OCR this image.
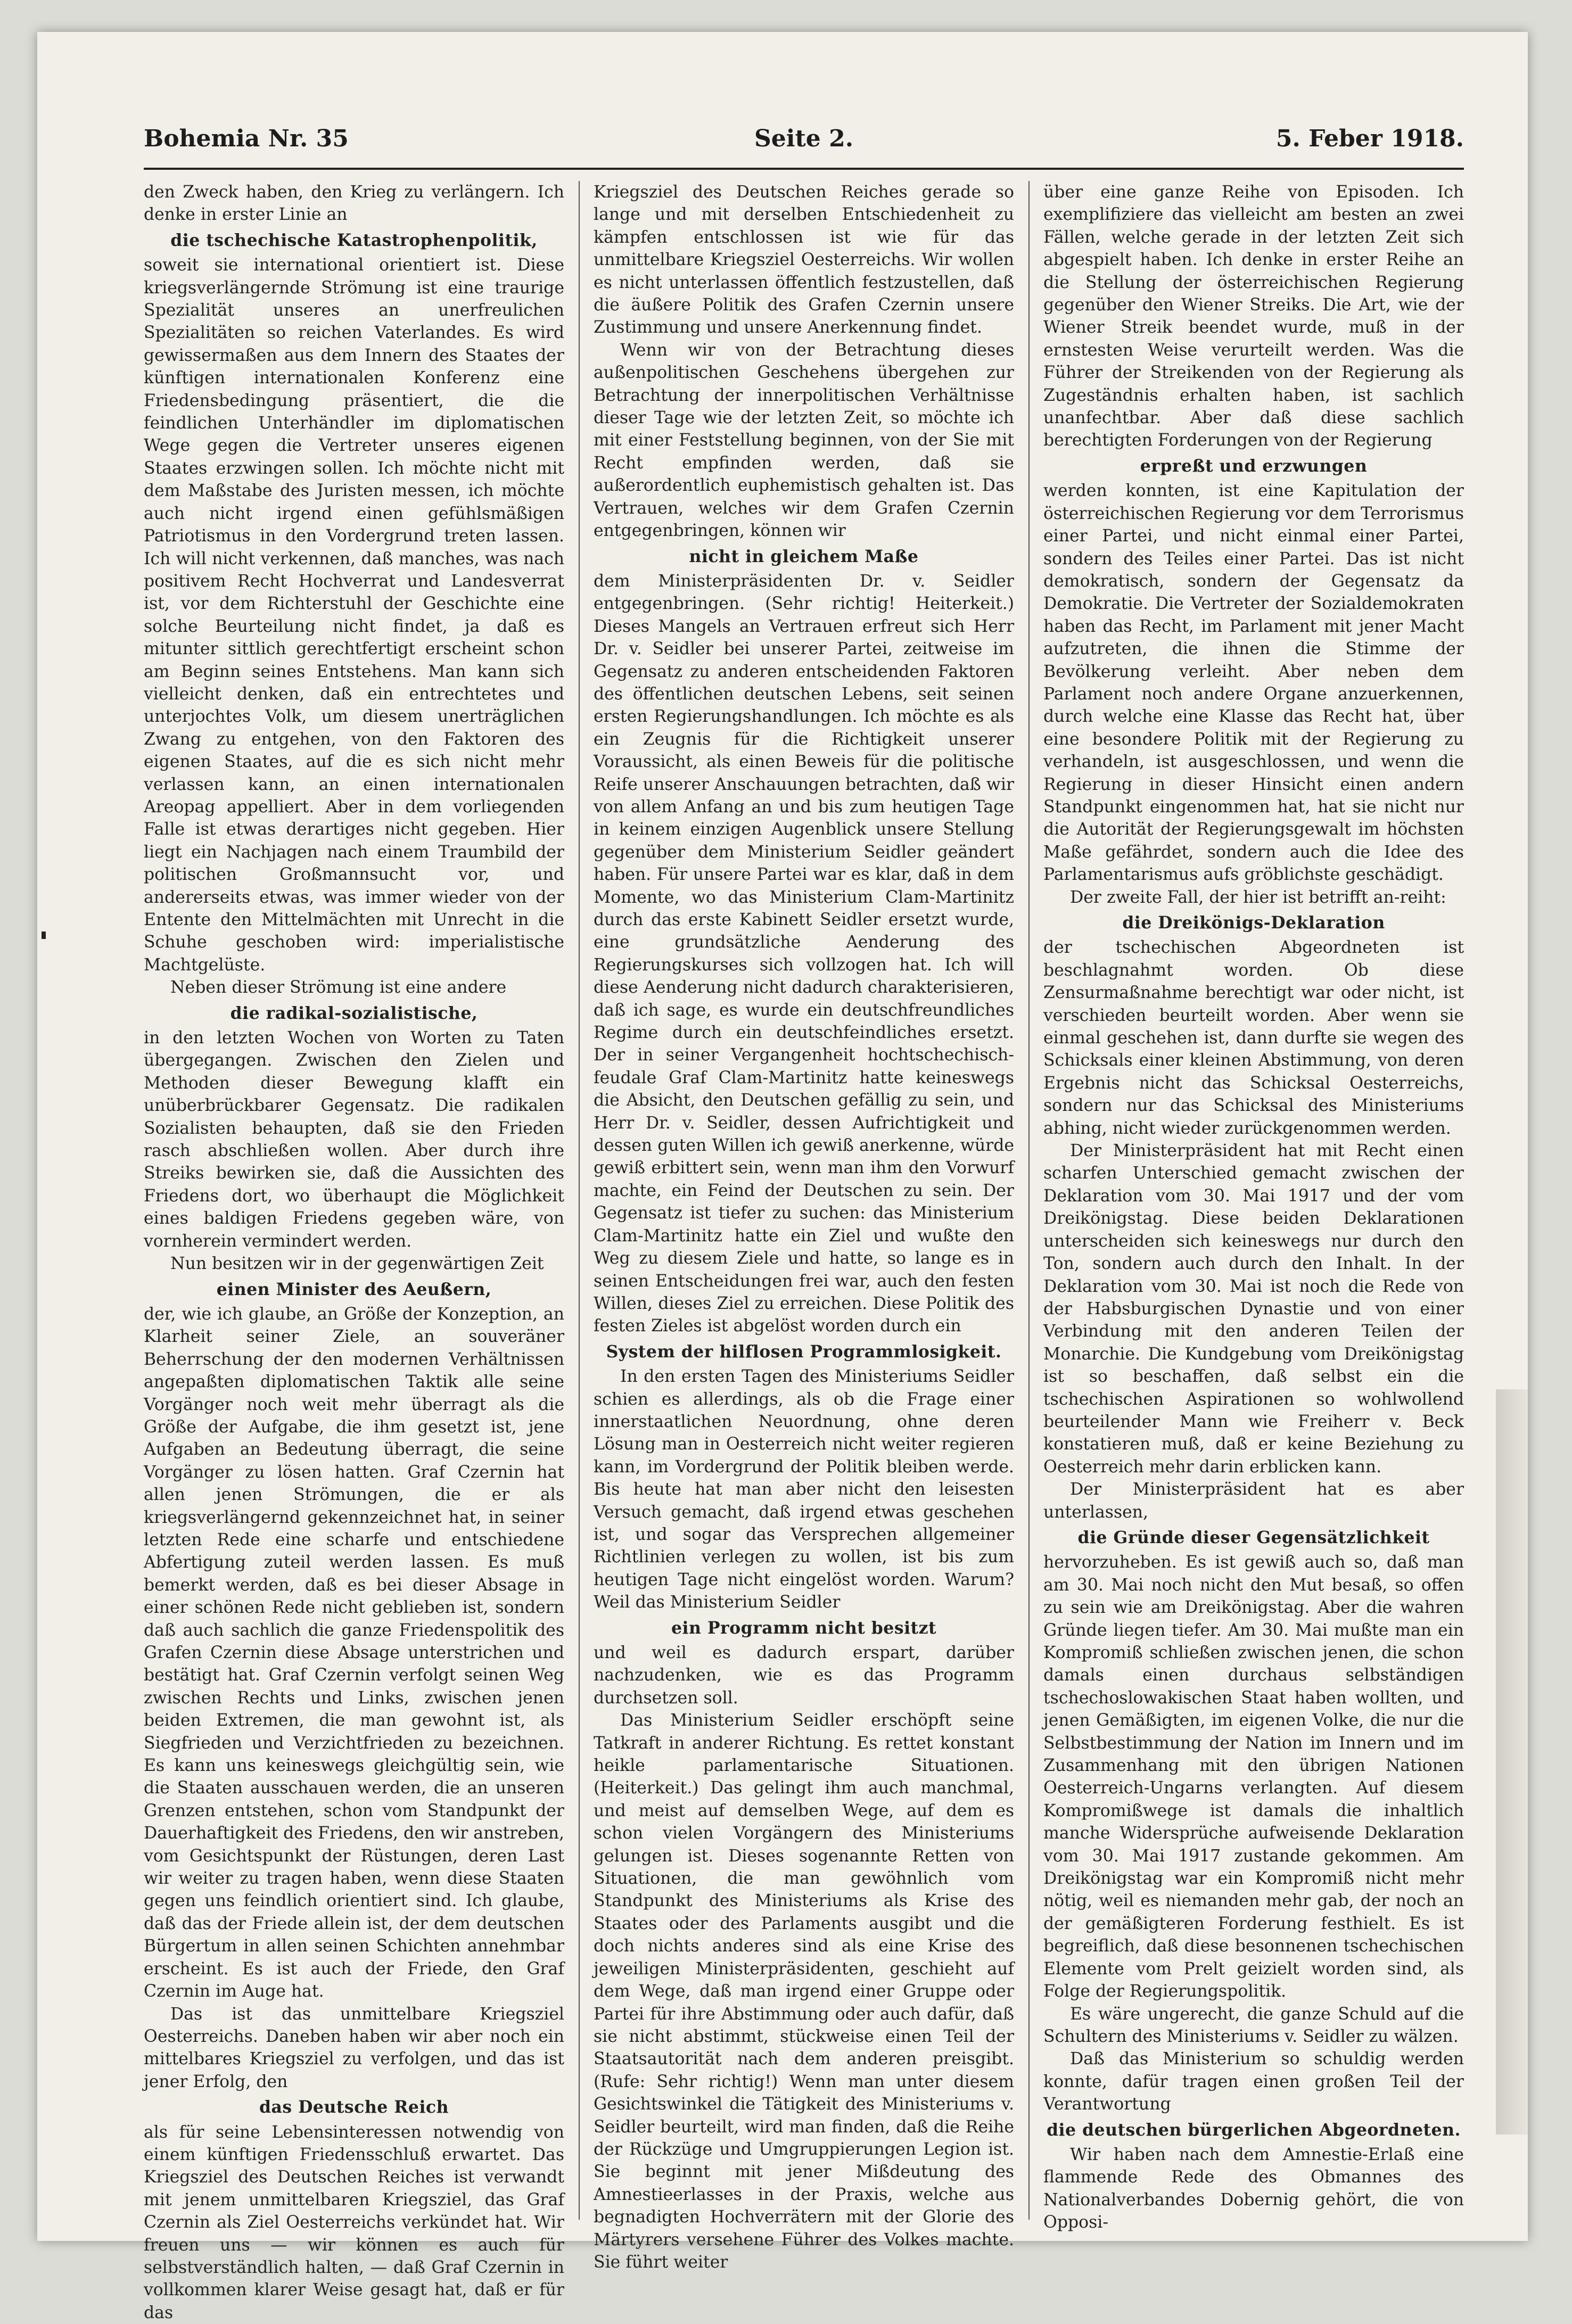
Bohemia Nr. 35	Seite 2.	5. Feber 1918.

den Zweck haben, den Krieg zu verlängern. Ich denke in erster Linie an

die tschechische Katastrophenpolitik,

soweit sie international orientiert ist. Diese kriegsverlängernde Strömung ist eine traurige Spezialität unseres an unerfreulichen Spezialitäten so reichen Vaterlandes. Es wird gewissermaßen aus dem Innern des Staates der künftigen internationalen Konferenz eine Friedensbedingung präsentiert, die die feindlichen Unterhändler im diplomatischen Wege gegen die Vertreter unseres eigenen Staates erzwingen sollen. Ich möchte nicht mit dem Maßstabe des Juristen messen, ich möchte auch nicht irgend einen gefühlsmäßigen Patriotismus in den Vordergrund treten lassen. Ich will nicht verkennen, daß manches, was nach positivem Recht Hochverrat und Landesverrat ist, vor dem Richterstuhl der Geschichte eine solche Beurteilung nicht findet, ja daß es mitunter sittlich gerechtfertigt erscheint schon am Beginn seines Entstehens. Man kann sich vielleicht denken, daß ein entrechtetes und unterjochtes Volk, um diesem unerträglichen Zwang zu entgehen, von den Faktoren des eigenen Staates, auf die es sich nicht mehr verlassen kann, an einen internationalen Areopag appelliert. Aber in dem vorliegenden Falle ist etwas derartiges nicht gegeben. Hier liegt ein Nachjagen nach einem Traumbild der politischen Großmannsucht vor, und andererseits etwas, was immer wieder von der Entente den Mittelmächten mit Unrecht in die Schuhe geschoben wird: imperialistische Machtgelüste.

Neben dieser Strömung ist eine andere

die radikal-sozialistische,

in den letzten Wochen von Worten zu Taten übergegangen. Zwischen den Zielen und Methoden dieser Bewegung klafft ein unüberbrückbarer Gegensatz. Die radikalen Sozialisten behaupten, daß sie den Frieden rasch abschließen wollen. Aber durch ihre Streiks bewirken sie, daß die Aussichten des Friedens dort, wo überhaupt die Möglichkeit eines baldigen Friedens gegeben wäre, von vornherein vermindert werden.

Nun besitzen wir in der gegenwärtigen Zeit

einen Minister des Aeußern,

der, wie ich glaube, an Größe der Konzeption, an Klarheit seiner Ziele, an souveräner Beherrschung der den modernen Verhältnissen angepaßten diplomatischen Taktik alle seine Vorgänger noch weit mehr überragt als die Größe der Aufgabe, die ihm gesetzt ist, jene Aufgaben an Bedeutung überragt, die seine Vorgänger zu lösen hatten. Graf Czernin hat allen jenen Strömungen, die er als kriegsverlängernd gekennzeichnet hat, in seiner letzten Rede eine scharfe und entschiedene Abfertigung zuteil werden lassen. Es muß bemerkt werden, daß es bei dieser Absage in einer schönen Rede nicht geblieben ist, sondern daß auch sachlich die ganze Friedenspolitik des Grafen Czernin diese Absage unterstrichen und bestätigt hat. Graf Czernin verfolgt seinen Weg zwischen Rechts und Links, zwischen jenen beiden Extremen, die man gewohnt ist, als Siegfrieden und Verzichtfrieden zu bezeichnen. Es kann uns keineswegs gleichgültig sein, wie die Staaten ausschauen werden, die an unseren Grenzen entstehen, schon vom Standpunkt der Dauerhaftigkeit des Friedens, den wir anstreben, vom Gesichtspunkt der Rüstungen, deren Last wir weiter zu tragen haben, wenn diese Staaten gegen uns feindlich orientiert sind. Ich glaube, daß das der Friede allein ist, der dem deutschen Bürgertum in allen seinen Schichten annehmbar erscheint. Es ist auch der Friede, den Graf Czernin im Auge hat.

Das ist das unmittelbare Kriegsziel Oesterreichs. Daneben haben wir aber noch ein mittelbares Kriegsziel zu verfolgen, und das ist jener Erfolg, den

das Deutsche Reich

als für seine Lebensinteressen notwendig von einem künftigen Friedensschluß erwartet. Das Kriegsziel des Deutschen Reiches ist verwandt mit jenem unmittelbaren Kriegsziel, das Graf Czernin als Ziel Oesterreichs verkündet hat. Wir freuen uns — wir können es auch für selbstverständlich halten, — daß Graf Czernin in vollkommen klarer Weise gesagt hat, daß er für das

Kriegsziel des Deutschen Reiches gerade so lange und mit derselben Entschiedenheit zu kämpfen entschlossen ist wie für das unmittelbare Kriegsziel Oesterreichs. Wir wollen es nicht unterlassen öffentlich festzustellen, daß die äußere Politik des Grafen Czernin unsere Zustimmung und unsere Anerkennung findet.

Wenn wir von der Betrachtung dieses außenpolitischen Geschehens übergehen zur Betrachtung der innerpolitischen Verhältnisse dieser Tage wie der letzten Zeit, so möchte ich mit einer Feststellung beginnen, von der Sie mit Recht empfinden werden, daß sie außerordentlich euphemistisch gehalten ist. Das Vertrauen, welches wir dem Grafen Czernin entgegenbringen, können wir

nicht in gleichem Maße

dem Ministerpräsidenten Dr. v. Seidler entgegenbringen. (Sehr richtig! Heiterkeit.) Dieses Mangels an Vertrauen erfreut sich Herr Dr. v. Seidler bei unserer Partei, zeitweise im Gegensatz zu anderen entscheidenden Faktoren des öffentlichen deutschen Lebens, seit seinen ersten Regierungshandlungen. Ich möchte es als ein Zeugnis für die Richtigkeit unserer Voraussicht, als einen Beweis für die politische Reife unserer Anschauungen betrachten, daß wir von allem Anfang an und bis zum heutigen Tage in keinem einzigen Augenblick unsere Stellung gegenüber dem Ministerium Seidler geändert haben. Für unsere Partei war es klar, daß in dem Momente, wo das Ministerium Clam-Martinitz durch das erste Kabinett Seidler ersetzt wurde, eine grundsätzliche Aenderung des Regierungskurses sich vollzogen hat. Ich will diese Aenderung nicht dadurch charakterisieren, daß ich sage, es wurde ein deutschfreundliches Regime durch ein deutschfeindliches ersetzt. Der in seiner Vergangenheit hochtschechisch-feudale Graf Clam-Martinitz hatte keineswegs die Absicht, den Deutschen gefällig zu sein, und Herr Dr. v. Seidler, dessen Aufrichtigkeit und dessen guten Willen ich gewiß anerkenne, würde gewiß erbittert sein, wenn man ihm den Vorwurf machte, ein Feind der Deutschen zu sein. Der Gegensatz ist tiefer zu suchen: das Ministerium Clam-Martinitz hatte ein Ziel und wußte den Weg zu diesem Ziele und hatte, so lange es in seinen Entscheidungen frei war, auch den festen Willen, dieses Ziel zu erreichen. Diese Politik des festen Zieles ist abgelöst worden durch ein

System der hilflosen Programmlosigkeit.

In den ersten Tagen des Ministeriums Seidler schien es allerdings, als ob die Frage einer innerstaatlichen Neuordnung, ohne deren Lösung man in Oesterreich nicht weiter regieren kann, im Vordergrund der Politik bleiben werde. Bis heute hat man aber nicht den leisesten Versuch gemacht, daß irgend etwas geschehen ist, und sogar das Versprechen allgemeiner Richtlinien verlegen zu wollen, ist bis zum heutigen Tage nicht eingelöst worden. Warum? Weil das Ministerium Seidler

ein Programm nicht besitzt

und weil es dadurch erspart, darüber nachzudenken, wie es das Programm durchsetzen soll.

Das Ministerium Seidler erschöpft seine Tatkraft in anderer Richtung. Es rettet konstant heikle parlamentarische Situationen. (Heiterkeit.) Das gelingt ihm auch manchmal, und meist auf demselben Wege, auf dem es schon vielen Vorgängern des Ministeriums gelungen ist. Dieses sogenannte Retten von Situationen, die man gewöhnlich vom Standpunkt des Ministeriums als Krise des Staates oder des Parlaments ausgibt und die doch nichts anderes sind als eine Krise des jeweiligen Ministerpräsidenten, geschieht auf dem Wege, daß man irgend einer Gruppe oder Partei für ihre Abstimmung oder auch dafür, daß sie nicht abstimmt, stückweise einen Teil der Staatsautorität nach dem anderen preisgibt. (Rufe: Sehr richtig!) Wenn man unter diesem Gesichtswinkel die Tätigkeit des Ministeriums v. Seidler beurteilt, wird man finden, daß die Reihe der Rückzüge und Umgruppierungen Legion ist. Sie beginnt mit jener Mißdeutung des Amnestieerlasses in der Praxis, welche aus begnadigten Hochverrätern mit der Glorie des Märtyrers versehene Führer des Volkes machte. Sie führt weiter

über eine ganze Reihe von Episoden. Ich exemplifiziere das vielleicht am besten an zwei Fällen, welche gerade in der letzten Zeit sich abgespielt haben. Ich denke in erster Reihe an die Stellung der österreichischen Regierung gegenüber den Wiener Streiks. Die Art, wie der Wiener Streik beendet wurde, muß in der ernstesten Weise verurteilt werden. Was die Führer der Streikenden von der Regierung als Zugeständnis erhalten haben, ist sachlich unanfechtbar. Aber daß diese sachlich berechtigten Forderungen von der Regierung

erpreßt und erzwungen

werden konnten, ist eine Kapitulation der österreichischen Regierung vor dem Terrorismus einer Partei, und nicht einmal einer Partei, sondern des Teiles einer Partei. Das ist nicht demokratisch, sondern der Gegensatz da Demokratie. Die Vertreter der Sozialdemokraten haben das Recht, im Parlament mit jener Macht aufzutreten, die ihnen die Stimme der Bevölkerung verleiht. Aber neben dem Parlament noch andere Organe anzuerkennen, durch welche eine Klasse das Recht hat, über eine besondere Politik mit der Regierung zu verhandeln, ist ausgeschlossen, und wenn die Regierung in dieser Hinsicht einen andern Standpunkt eingenommen hat, hat sie nicht nur die Autorität der Regierungsgewalt im höchsten Maße gefährdet, sondern auch die Idee des Parlamentarismus aufs gröblichste geschädigt.

Der zweite Fall, der hier ist betrifft an-reiht:

die Dreikönigs-Deklaration

der tschechischen Abgeordneten ist beschlagnahmt worden. Ob diese Zensurmaßnahme berechtigt war oder nicht, ist verschieden beurteilt worden. Aber wenn sie einmal geschehen ist, dann durfte sie wegen des Schicksals einer kleinen Abstimmung, von deren Ergebnis nicht das Schicksal Oesterreichs, sondern nur das Schicksal des Ministeriums abhing, nicht wieder zurückgenommen werden.

Der Ministerpräsident hat mit Recht einen scharfen Unterschied gemacht zwischen der Deklaration vom 30. Mai 1917 und der vom Dreikönigstag. Diese beiden Deklarationen unterscheiden sich keineswegs nur durch den Ton, sondern auch durch den Inhalt. In der Deklaration vom 30. Mai ist noch die Rede von der Habsburgischen Dynastie und von einer Verbindung mit den anderen Teilen der Monarchie. Die Kundgebung vom Dreikönigstag ist so beschaffen, daß selbst ein die tschechischen Aspirationen so wohlwollend beurteilender Mann wie Freiherr v. Beck konstatieren muß, daß er keine Beziehung zu Oesterreich mehr darin erblicken kann.

Der Ministerpräsident hat es aber unterlassen,

die Gründe dieser Gegensätzlichkeit

hervorzuheben. Es ist gewiß auch so, daß man am 30. Mai noch nicht den Mut besaß, so offen zu sein wie am Dreikönigstag. Aber die wahren Gründe liegen tiefer. Am 30. Mai mußte man ein Kompromiß schließen zwischen jenen, die schon damals einen durchaus selbständigen tschechoslowakischen Staat haben wollten, und jenen Gemäßigten, im eigenen Volke, die nur die Selbstbestimmung der Nation im Innern und im Zusammenhang mit den übrigen Nationen Oesterreich-Ungarns verlangten. Auf diesem Kompromißwege ist damals die inhaltlich manche Widersprüche aufweisende Deklaration vom 30. Mai 1917 zustande gekommen. Am Dreikönigstag war ein Kompromiß nicht mehr nötig, weil es niemanden mehr gab, der noch an der gemäßigteren Forderung festhielt. Es ist begreiflich, daß diese besonnenen tschechischen Elemente vom Prelt geizielt worden sind, als Folge der Regierungspolitik.

Es wäre ungerecht, die ganze Schuld auf die Schultern des Ministeriums v. Seidler zu wälzen.

Daß das Ministerium so schuldig werden konnte, dafür tragen einen großen Teil der Verantwortung

die deutschen bürgerlichen Abgeordneten.

Wir haben nach dem Amnestie-Erlaß eine flammende Rede des Obmannes des Nationalverbandes Dobernig gehört, die von Opposi-
